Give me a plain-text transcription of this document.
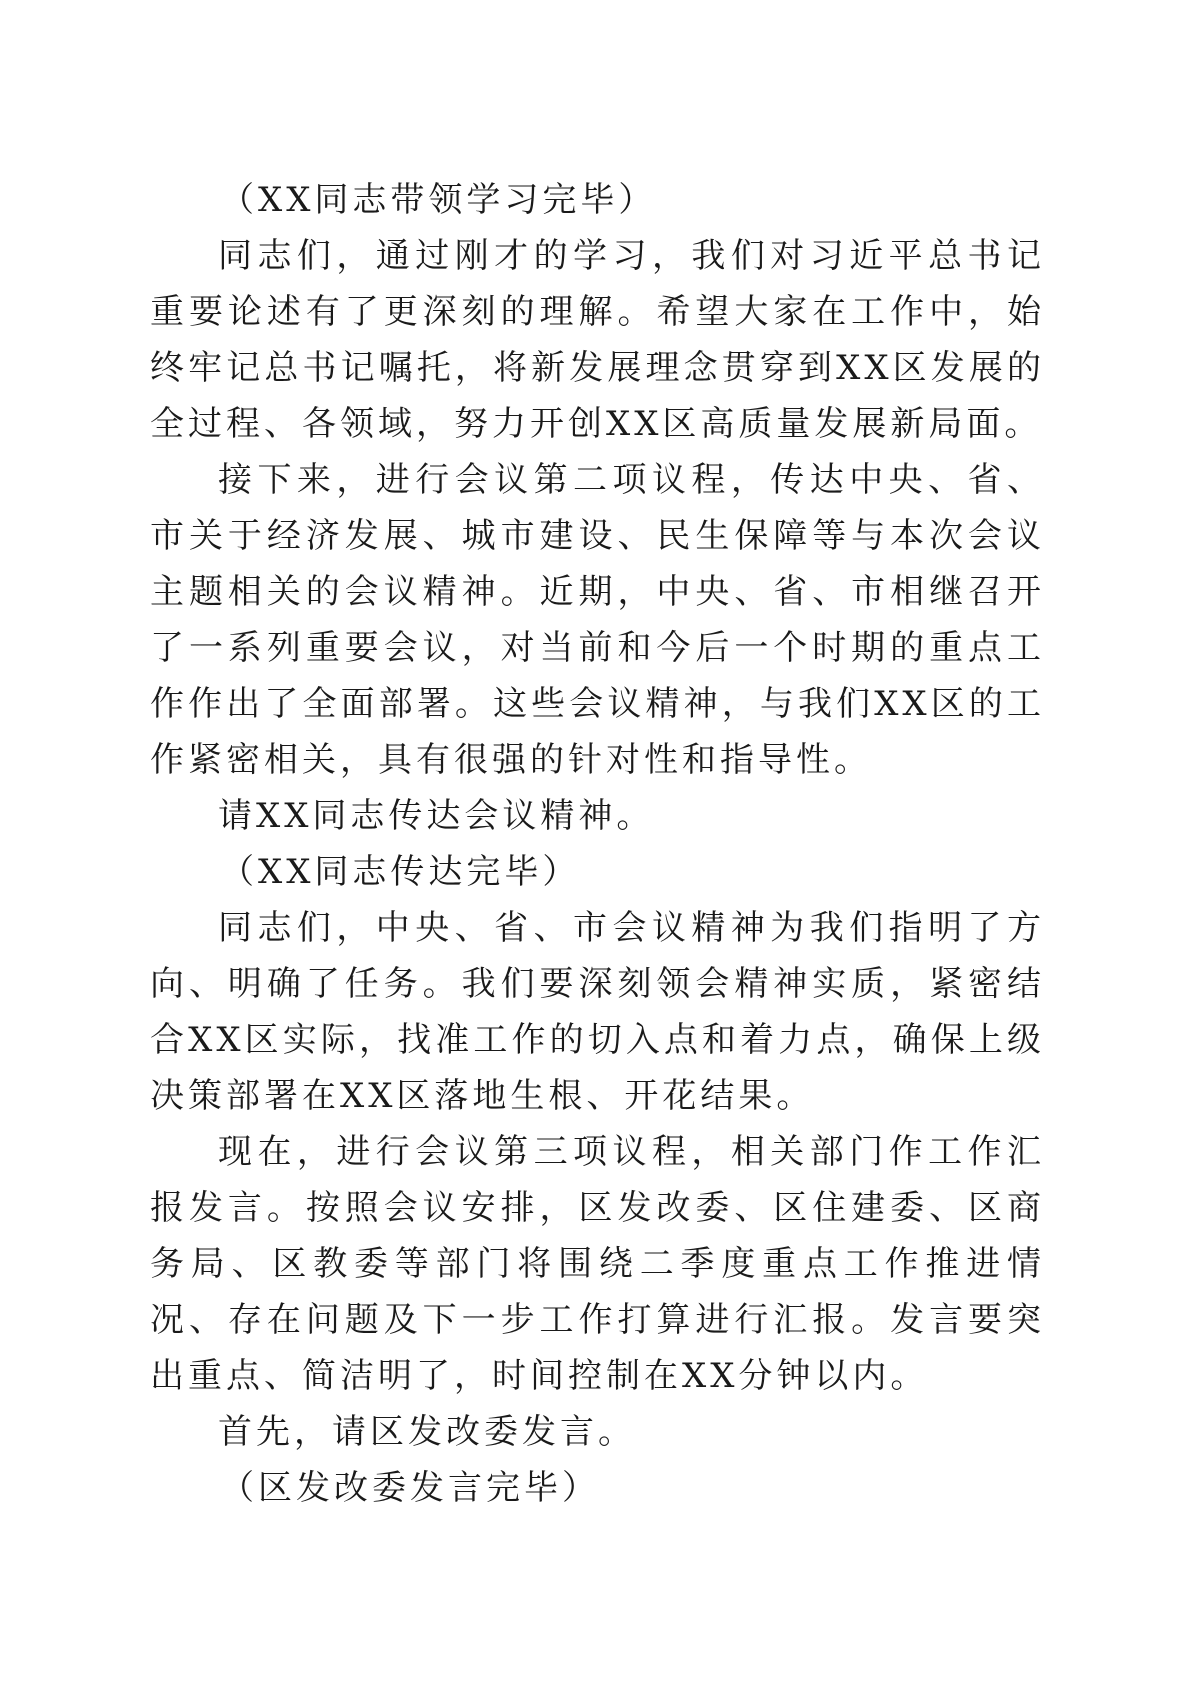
（XX同志带领学习完毕）

同志们，通过刚才的学习，我们对习近平总书记重要论述有了更深刻的理解。希望大家在工作中，始终牢记总书记嘱托，将新发展理念贯穿到XX区发展的全过程、各领域，努力开创XX区高质量发展新局面。

接下来，进行会议第二项议程，传达中央、省、市关于经济发展、城市建设、民生保障等与本次会议主题相关的会议精神。近期，中央、省、市相继召开了一系列重要会议，对当前和今后一个时期的重点工作作出了全面部署。这些会议精神，与我们XX区的工作紧密相关，具有很强的针对性和指导性。

请XX同志传达会议精神。

（XX同志传达完毕）

同志们，中央、省、市会议精神为我们指明了方向、明确了任务。我们要深刻领会精神实质，紧密结合XX区实际，找准工作的切入点和着力点，确保上级决策部署在XX区落地生根、开花结果。

现在，进行会议第三项议程，相关部门作工作汇报发言。按照会议安排，区发改委、区住建委、区商务局、区教委等部门将围绕二季度重点工作推进情况、存在问题及下一步工作打算进行汇报。发言要突出重点、简洁明了，时间控制在XX分钟以内。

首先，请区发改委发言。

（区发改委发言完毕）
